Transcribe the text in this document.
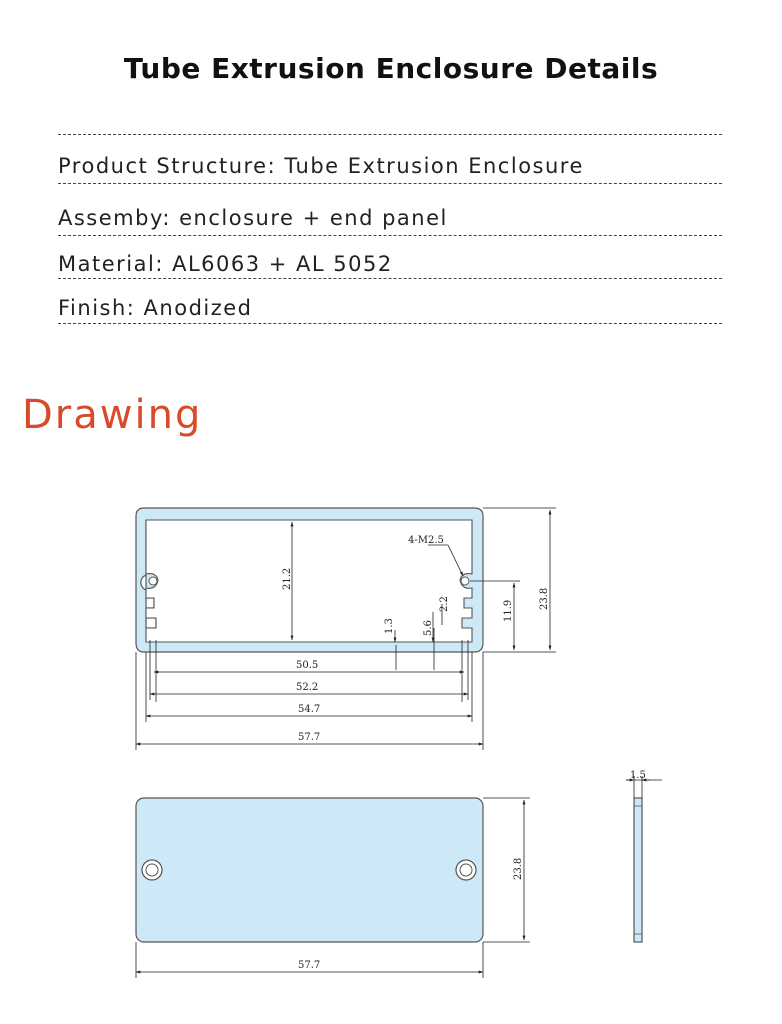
Tube Extrusion Enclosure Details
Product Structure: Tube Extrusion Enclosure
Assemby: enclosure + end panel
Material: AL6063 + AL 5052
Finish: Anodized
Drawing
21.2
4-M2.5
11.9
23.8
1.3	5.6
2.2
50.5
52.2
54.7
57.7
23.8
57.7
1.5
